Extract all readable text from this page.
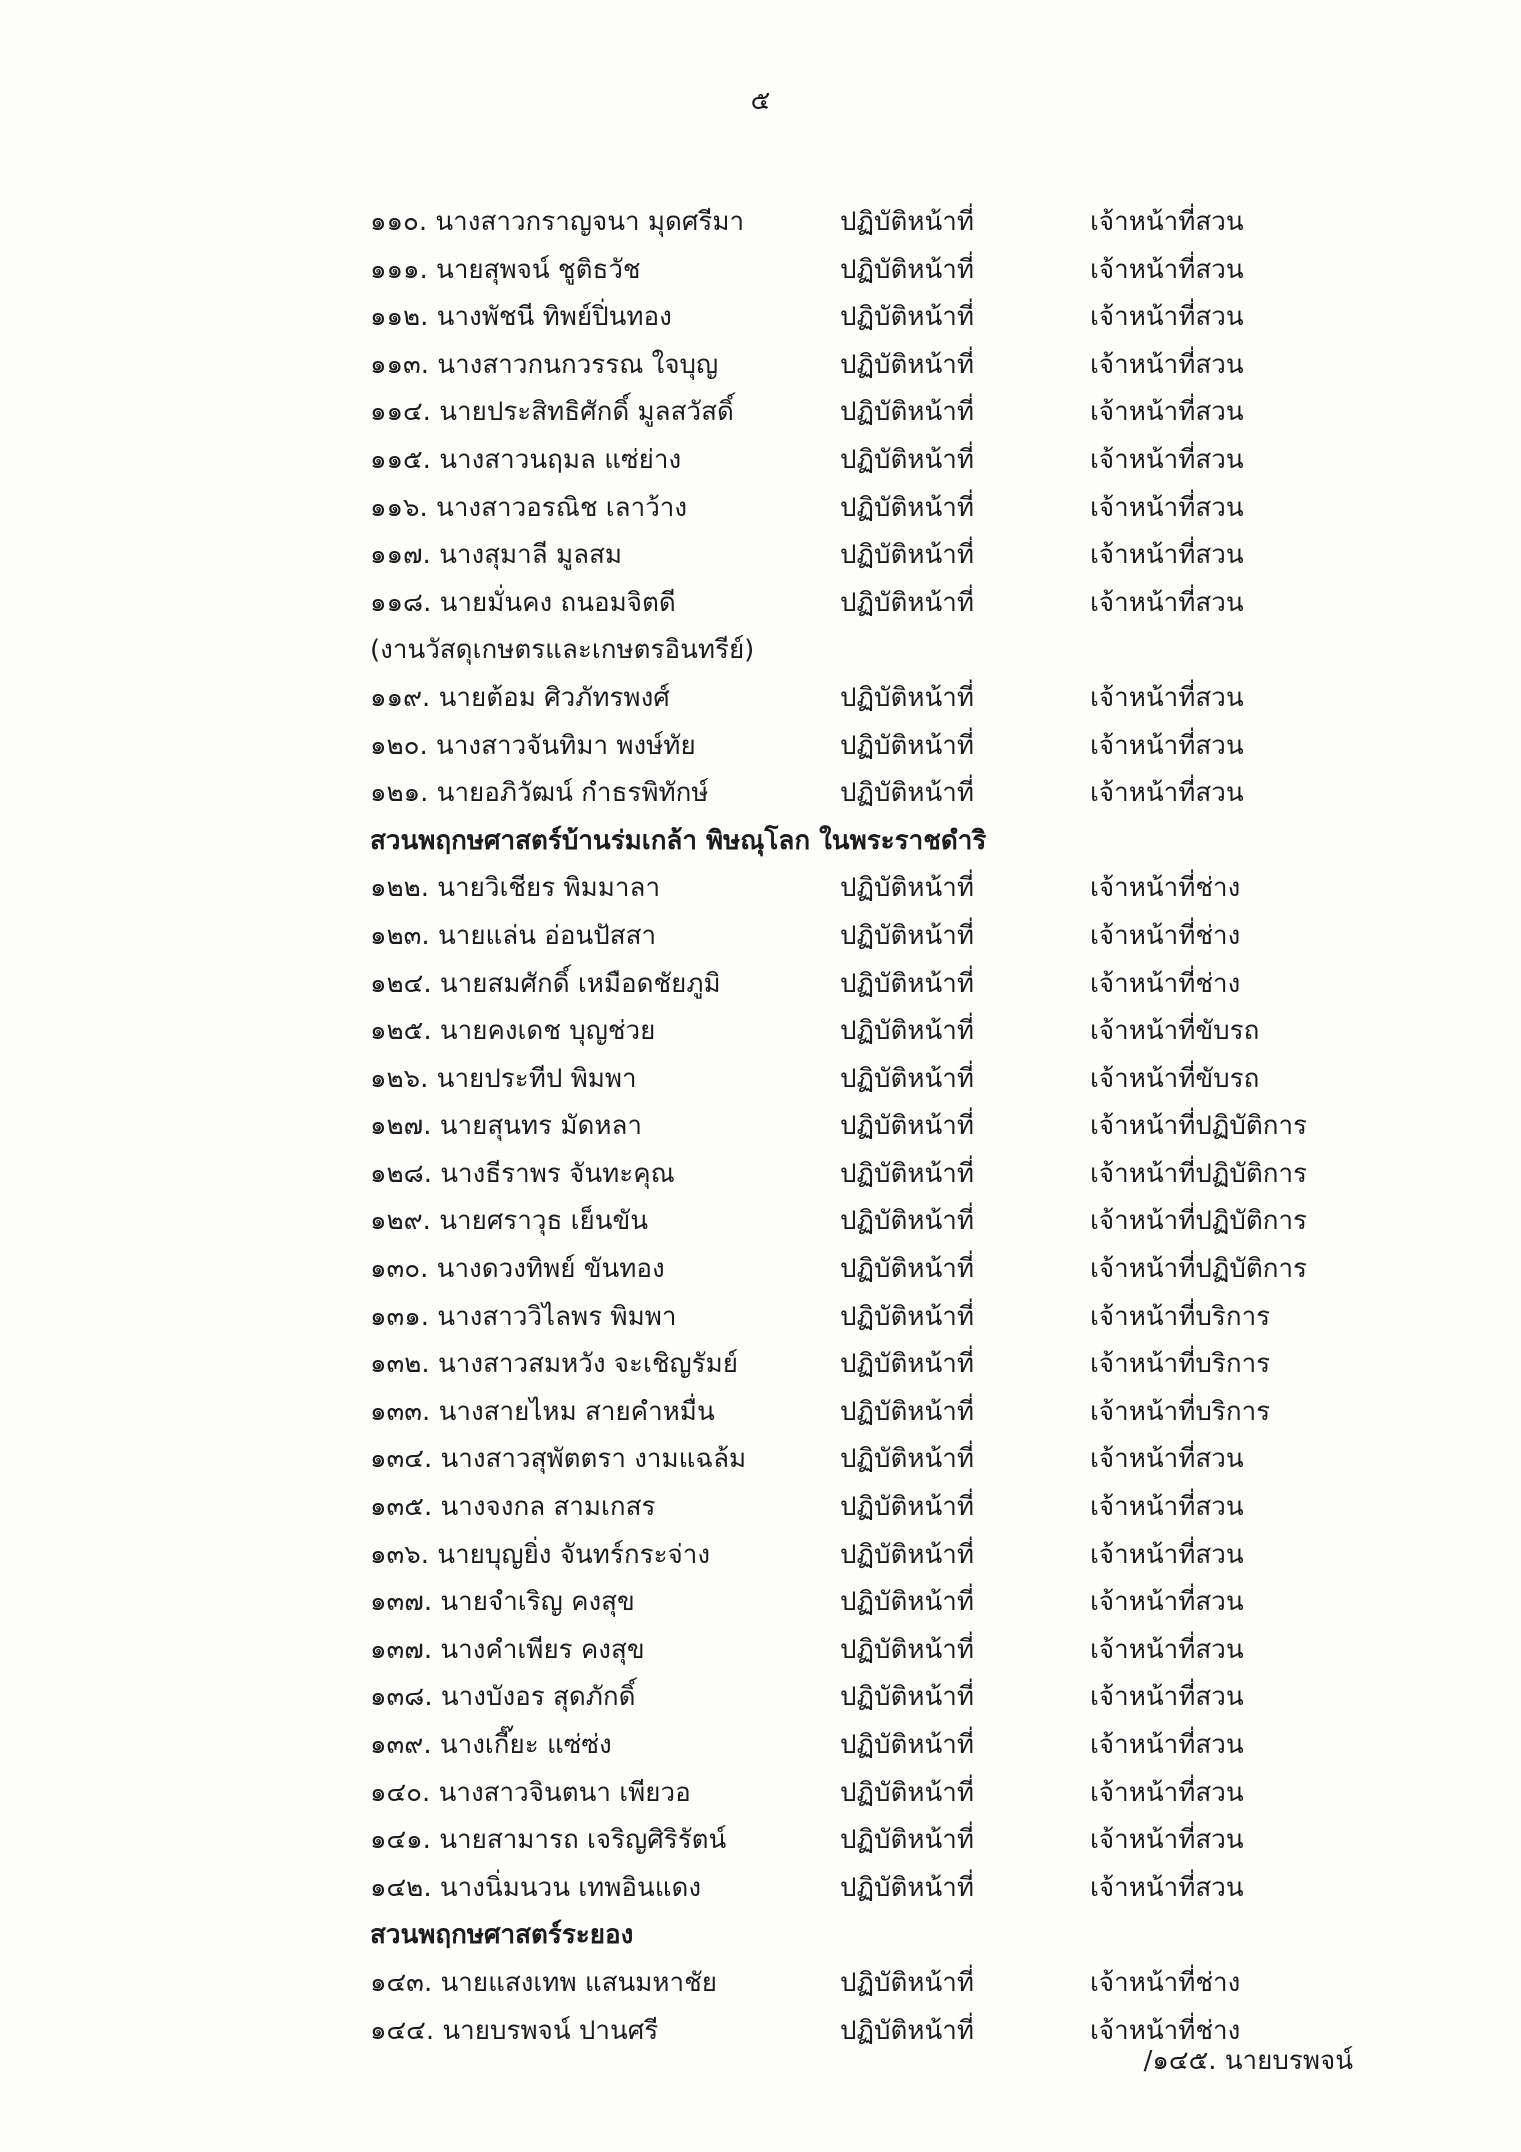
๕
๑๑๐. นางสาวกราญจนา มุดศรีมา	ปฏิบัติหน้าที่	เจ้าหน้าที่สวน
๑๑๑. นายสุพจน์ ชูติธวัช	ปฏิบัติหน้าที่	เจ้าหน้าที่สวน
๑๑๒. นางพัชนี ทิพย์ปิ่นทอง	ปฏิบัติหน้าที่	เจ้าหน้าที่สวน
๑๑๓. นางสาวกนกวรรณ ใจบุญ	ปฏิบัติหน้าที่	เจ้าหน้าที่สวน
๑๑๔. นายประสิทธิศักดิ์ มูลสวัสดิ์	ปฏิบัติหน้าที่	เจ้าหน้าที่สวน
๑๑๕. นางสาวนฤมล แซ่ย่าง	ปฏิบัติหน้าที่	เจ้าหน้าที่สวน
๑๑๖. นางสาวอรณิช เลาว้าง	ปฏิบัติหน้าที่	เจ้าหน้าที่สวน
๑๑๗. นางสุมาลี มูลสม	ปฏิบัติหน้าที่	เจ้าหน้าที่สวน
๑๑๘. นายมั่นคง ถนอมจิตดี	ปฏิบัติหน้าที่	เจ้าหน้าที่สวน
(งานวัสดุเกษตรและเกษตรอินทรีย์)
๑๑๙. นายต้อม ศิวภัทรพงศ์	ปฏิบัติหน้าที่	เจ้าหน้าที่สวน
๑๒๐. นางสาวจันทิมา พงษ์ทัย	ปฏิบัติหน้าที่	เจ้าหน้าที่สวน
๑๒๑. นายอภิวัฒน์ กำธรพิทักษ์	ปฏิบัติหน้าที่	เจ้าหน้าที่สวน
สวนพฤกษศาสตร์บ้านร่มเกล้า พิษณุโลก ในพระราชดำริ
๑๒๒. นายวิเชียร พิมมาลา	ปฏิบัติหน้าที่	เจ้าหน้าที่ช่าง
๑๒๓. นายแล่น อ่อนปัสสา	ปฏิบัติหน้าที่	เจ้าหน้าที่ช่าง
๑๒๔. นายสมศักดิ์ เหมือดชัยภูมิ	ปฏิบัติหน้าที่	เจ้าหน้าที่ช่าง
๑๒๕. นายคงเดช บุญช่วย	ปฏิบัติหน้าที่	เจ้าหน้าที่ขับรถ
๑๒๖. นายประทีป พิมพา	ปฏิบัติหน้าที่	เจ้าหน้าที่ขับรถ
๑๒๗. นายสุนทร มัดหลา	ปฏิบัติหน้าที่	เจ้าหน้าที่ปฏิบัติการ
๑๒๘. นางธีราพร จันทะคุณ	ปฏิบัติหน้าที่	เจ้าหน้าที่ปฏิบัติการ
๑๒๙. นายศราวุธ เย็นขัน	ปฏิบัติหน้าที่	เจ้าหน้าที่ปฏิบัติการ
๑๓๐. นางดวงทิพย์ ขันทอง	ปฏิบัติหน้าที่	เจ้าหน้าที่ปฏิบัติการ
๑๓๑. นางสาววิไลพร พิมพา	ปฏิบัติหน้าที่	เจ้าหน้าที่บริการ
๑๓๒. นางสาวสมหวัง จะเชิญรัมย์	ปฏิบัติหน้าที่	เจ้าหน้าที่บริการ
๑๓๓. นางสายไหม สายคำหมื่น	ปฏิบัติหน้าที่	เจ้าหน้าที่บริการ
๑๓๔. นางสาวสุพัตตรา งามแฉล้ม	ปฏิบัติหน้าที่	เจ้าหน้าที่สวน
๑๓๕. นางจงกล สามเกสร	ปฏิบัติหน้าที่	เจ้าหน้าที่สวน
๑๓๖. นายบุญยิ่ง จันทร์กระจ่าง	ปฏิบัติหน้าที่	เจ้าหน้าที่สวน
๑๓๗. นายจำเริญ คงสุข	ปฏิบัติหน้าที่	เจ้าหน้าที่สวน
๑๓๗. นางคำเพียร คงสุข	ปฏิบัติหน้าที่	เจ้าหน้าที่สวน
๑๓๘. นางบังอร สุดภักดิ์	ปฏิบัติหน้าที่	เจ้าหน้าที่สวน
๑๓๙. นางเกี๊ยะ แซ่ซ่ง	ปฏิบัติหน้าที่	เจ้าหน้าที่สวน
๑๔๐. นางสาวจินตนา เพียวอ	ปฏิบัติหน้าที่	เจ้าหน้าที่สวน
๑๔๑. นายสามารถ เจริญศิริรัตน์	ปฏิบัติหน้าที่	เจ้าหน้าที่สวน
๑๔๒. นางนิ่มนวน เทพอินแดง	ปฏิบัติหน้าที่	เจ้าหน้าที่สวน
สวนพฤกษศาสตร์ระยอง
๑๔๓. นายแสงเทพ แสนมหาชัย	ปฏิบัติหน้าที่	เจ้าหน้าที่ช่าง
๑๔๔. นายบรพจน์ ปานศรี	ปฏิบัติหน้าที่	เจ้าหน้าที่ช่าง
/๑๔๕. นายบรพจน์
